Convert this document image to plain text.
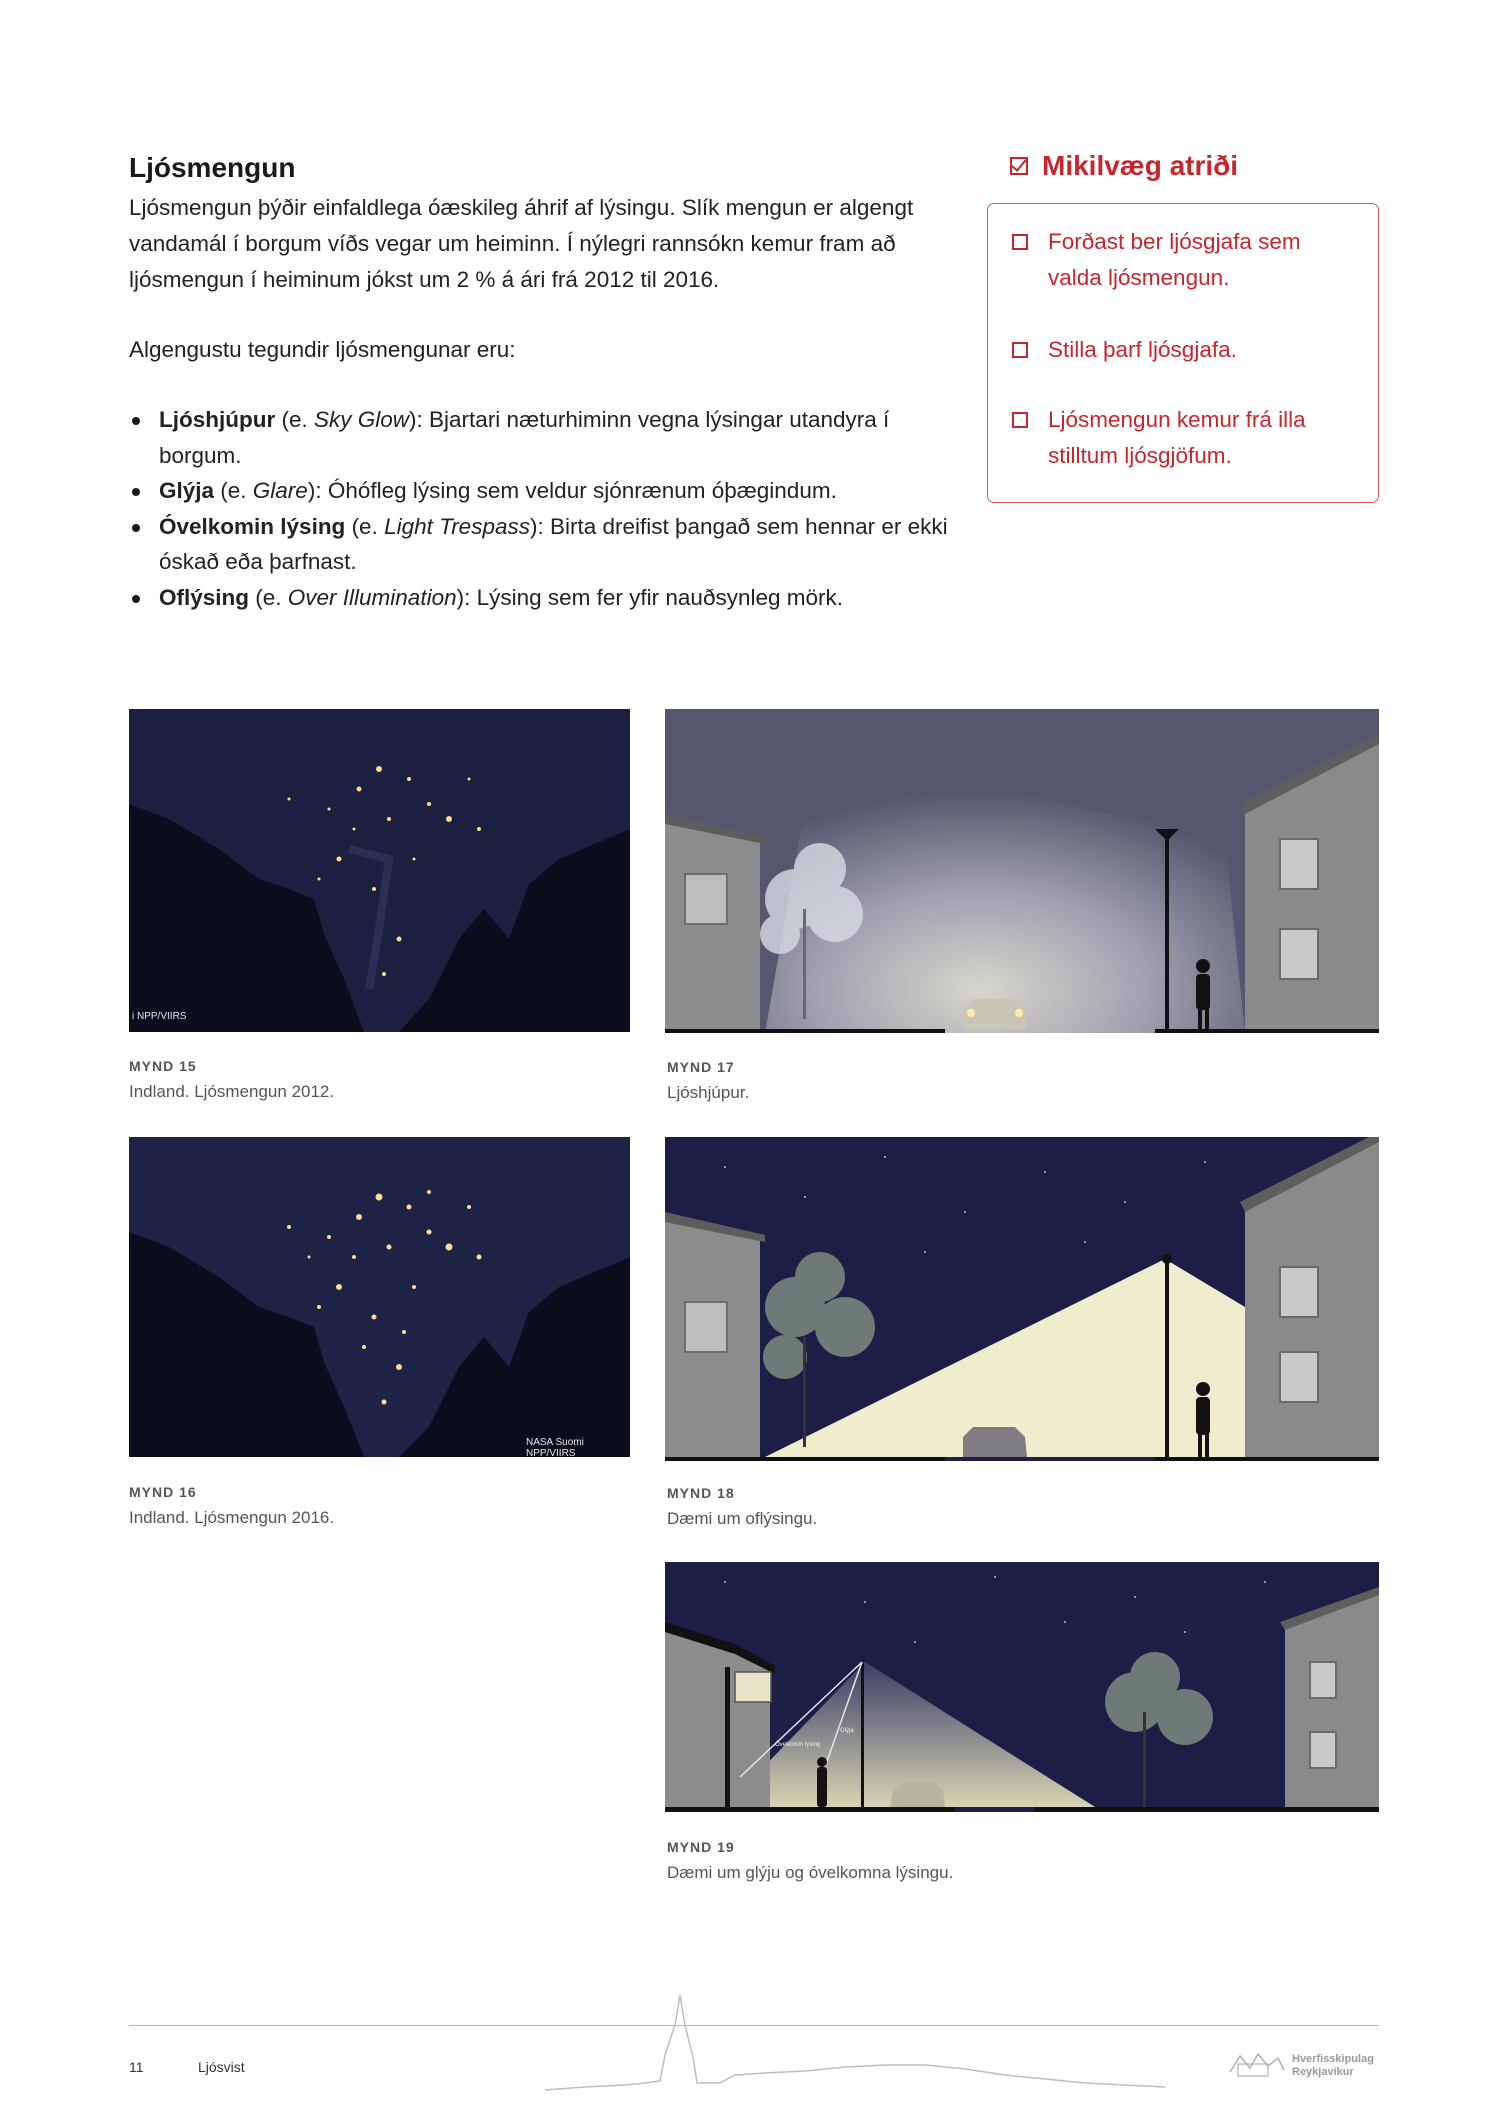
Ljósmengun
Ljósmengun þýðir einfaldlega óæskileg áhrif af lýsingu. Slík mengun er algengt vandamál í borgum víðs vegar um heiminn. Í nýlegri rannsókn kemur fram að ljósmengun í heiminum jókst um 2 % á ári frá 2012 til 2016.
Algengustu tegundir ljósmengunar eru:
Ljóshjúpur (e. Sky Glow): Bjartari næturhiminn vegna lýsingar utandyra í borgum.
Glýja (e. Glare): Óhófleg lýsing sem veldur sjónrænum óþægindum.
Óvelkomin lýsing (e. Light Trespass): Birta dreifist þangað sem hennar er ekki óskað eða þarfnast.
Oflýsing (e. Over Illumination): Lýsing sem fer yfir nauðsynleg mörk.
Mikilvæg atriði
Forðast ber ljósgjafa sem valda ljósmengun.
Stilla þarf ljósgjafa.
Ljósmengun kemur frá illa stilltum ljósgjöfum.
i NPP/VIIRS
MYND 15
Indland. Ljósmengun 2012.
NASA Suomi NPP/VIIRS
MYND 16
Indland. Ljósmengun 2016.
MYND 17
Ljóshjúpur.
MYND 18
Dæmi um oflýsingu.
Óvelkomin lýsing
Glýja
MYND 19
Dæmi um glýju og óvelkomna lýsingu.
11	Ljósvist	Hverfisskipulag
Reykjavíkur
